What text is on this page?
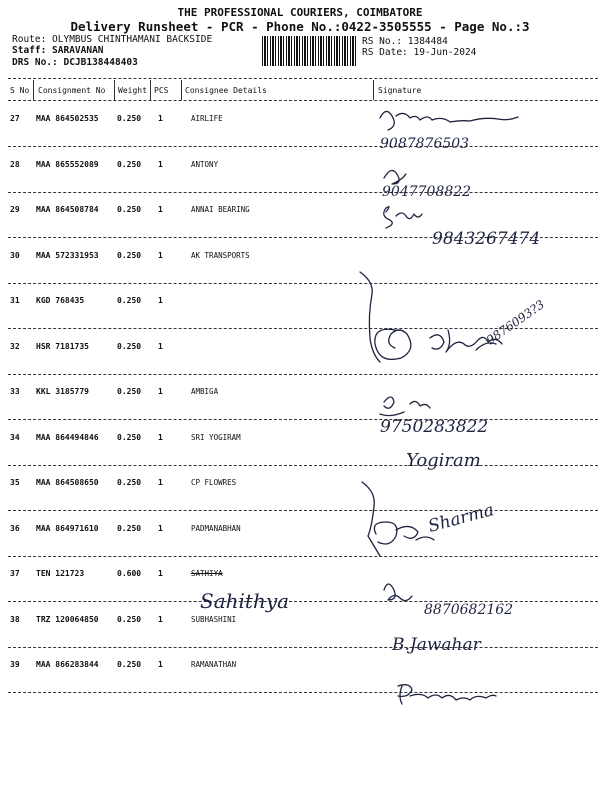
THE PROFESSIONAL COURIERS, COIMBATORE
Delivery Runsheet - PCR - Phone No.:0422-3505555 - Page No.:3
Route: OLYMBUS CHINTHAMANI BACKSIDE
Staff: SARAVANAN
DRS No.: DCJB138448403
RS No.: 1384484
RS Date: 19-Jun-2024
S No Consignment No Weight PCS Consignee Details	Signature
27 MAA 864502535 0.250 1	AIRLIFE
28 MAA 865552089 0.250 1	ANTONY
29 MAA 864508784 0.250 1	ANNAI BEARING
30 MAA 572331953 0.250 1	AK TRANSPORTS
31 KGD 768435	0.250 1
32 HSR 7181735	0.250 1
33 KKL 3185779	0.250 1	AMBIGA
34 MAA 864494846 0.250 1	SRI YOGIRAM
35 MAA 864508650 0.250 1	CP FLOWRES
36 MAA 864971610 0.250 1	PADMANABHAN
37 TEN 121723	0.600 1	SATHIYA
38 TRZ 120064850 0.250 1	SUBHASHINI
39 MAA 866283844 0.250 1	RAMANATHAN
9087876503
9047708822
9843267474
9876093?3
9750283822
Yogiram
Sharma
Sahithya	8870682162
B.Jawahar
